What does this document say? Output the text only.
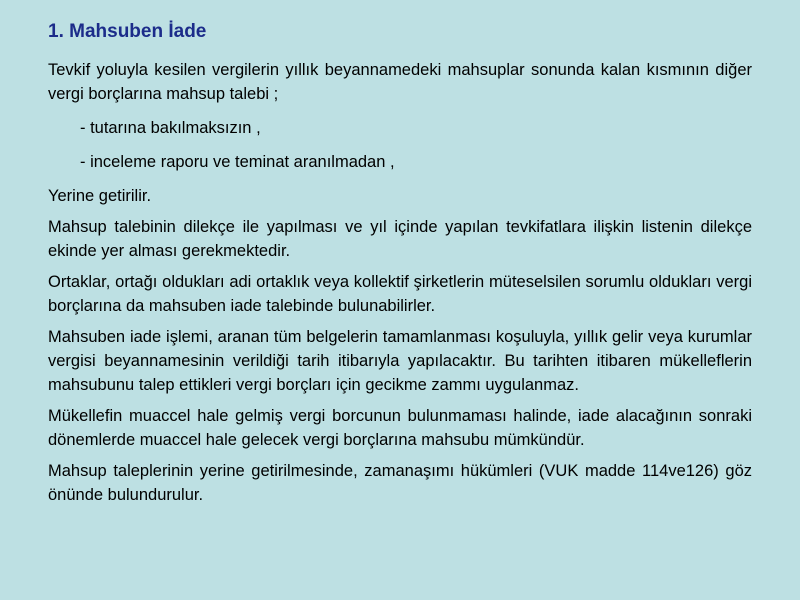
1. Mahsuben İade

Tevkif yoluyla kesilen vergilerin yıllık beyannamedeki mahsuplar sonunda kalan kısmının diğer vergi borçlarına mahsup talebi ;

- tutarına bakılmaksızın ,
- inceleme raporu ve teminat aranılmadan ,

Yerine getirilir.

Mahsup talebinin dilekçe ile yapılması ve yıl içinde yapılan tevkifatlara ilişkin listenin dilekçe ekinde yer alması gerekmektedir.

Ortaklar, ortağı oldukları adi ortaklık veya kollektif şirketlerin müteselsilen sorumlu oldukları vergi borçlarına da mahsuben iade talebinde bulunabilirler.

Mahsuben iade işlemi, aranan tüm belgelerin tamamlanması koşuluyla, yıllık gelir veya kurumlar vergisi beyannamesinin verildiği tarih itibarıyla yapılacaktır. Bu tarihten itibaren mükelleflerin mahsubunu talep ettikleri vergi borçları için gecikme zammı uygulanmaz.

Mükellefin muaccel hale gelmiş vergi borcunun bulunmaması halinde, iade alacağının sonraki dönemlerde muaccel hale gelecek vergi borçlarına mahsubu mümkündür.

Mahsup taleplerinin yerine getirilmesinde, zamanaşımı hükümleri (VUK madde 114ve126) göz önünde bulundurulur.
